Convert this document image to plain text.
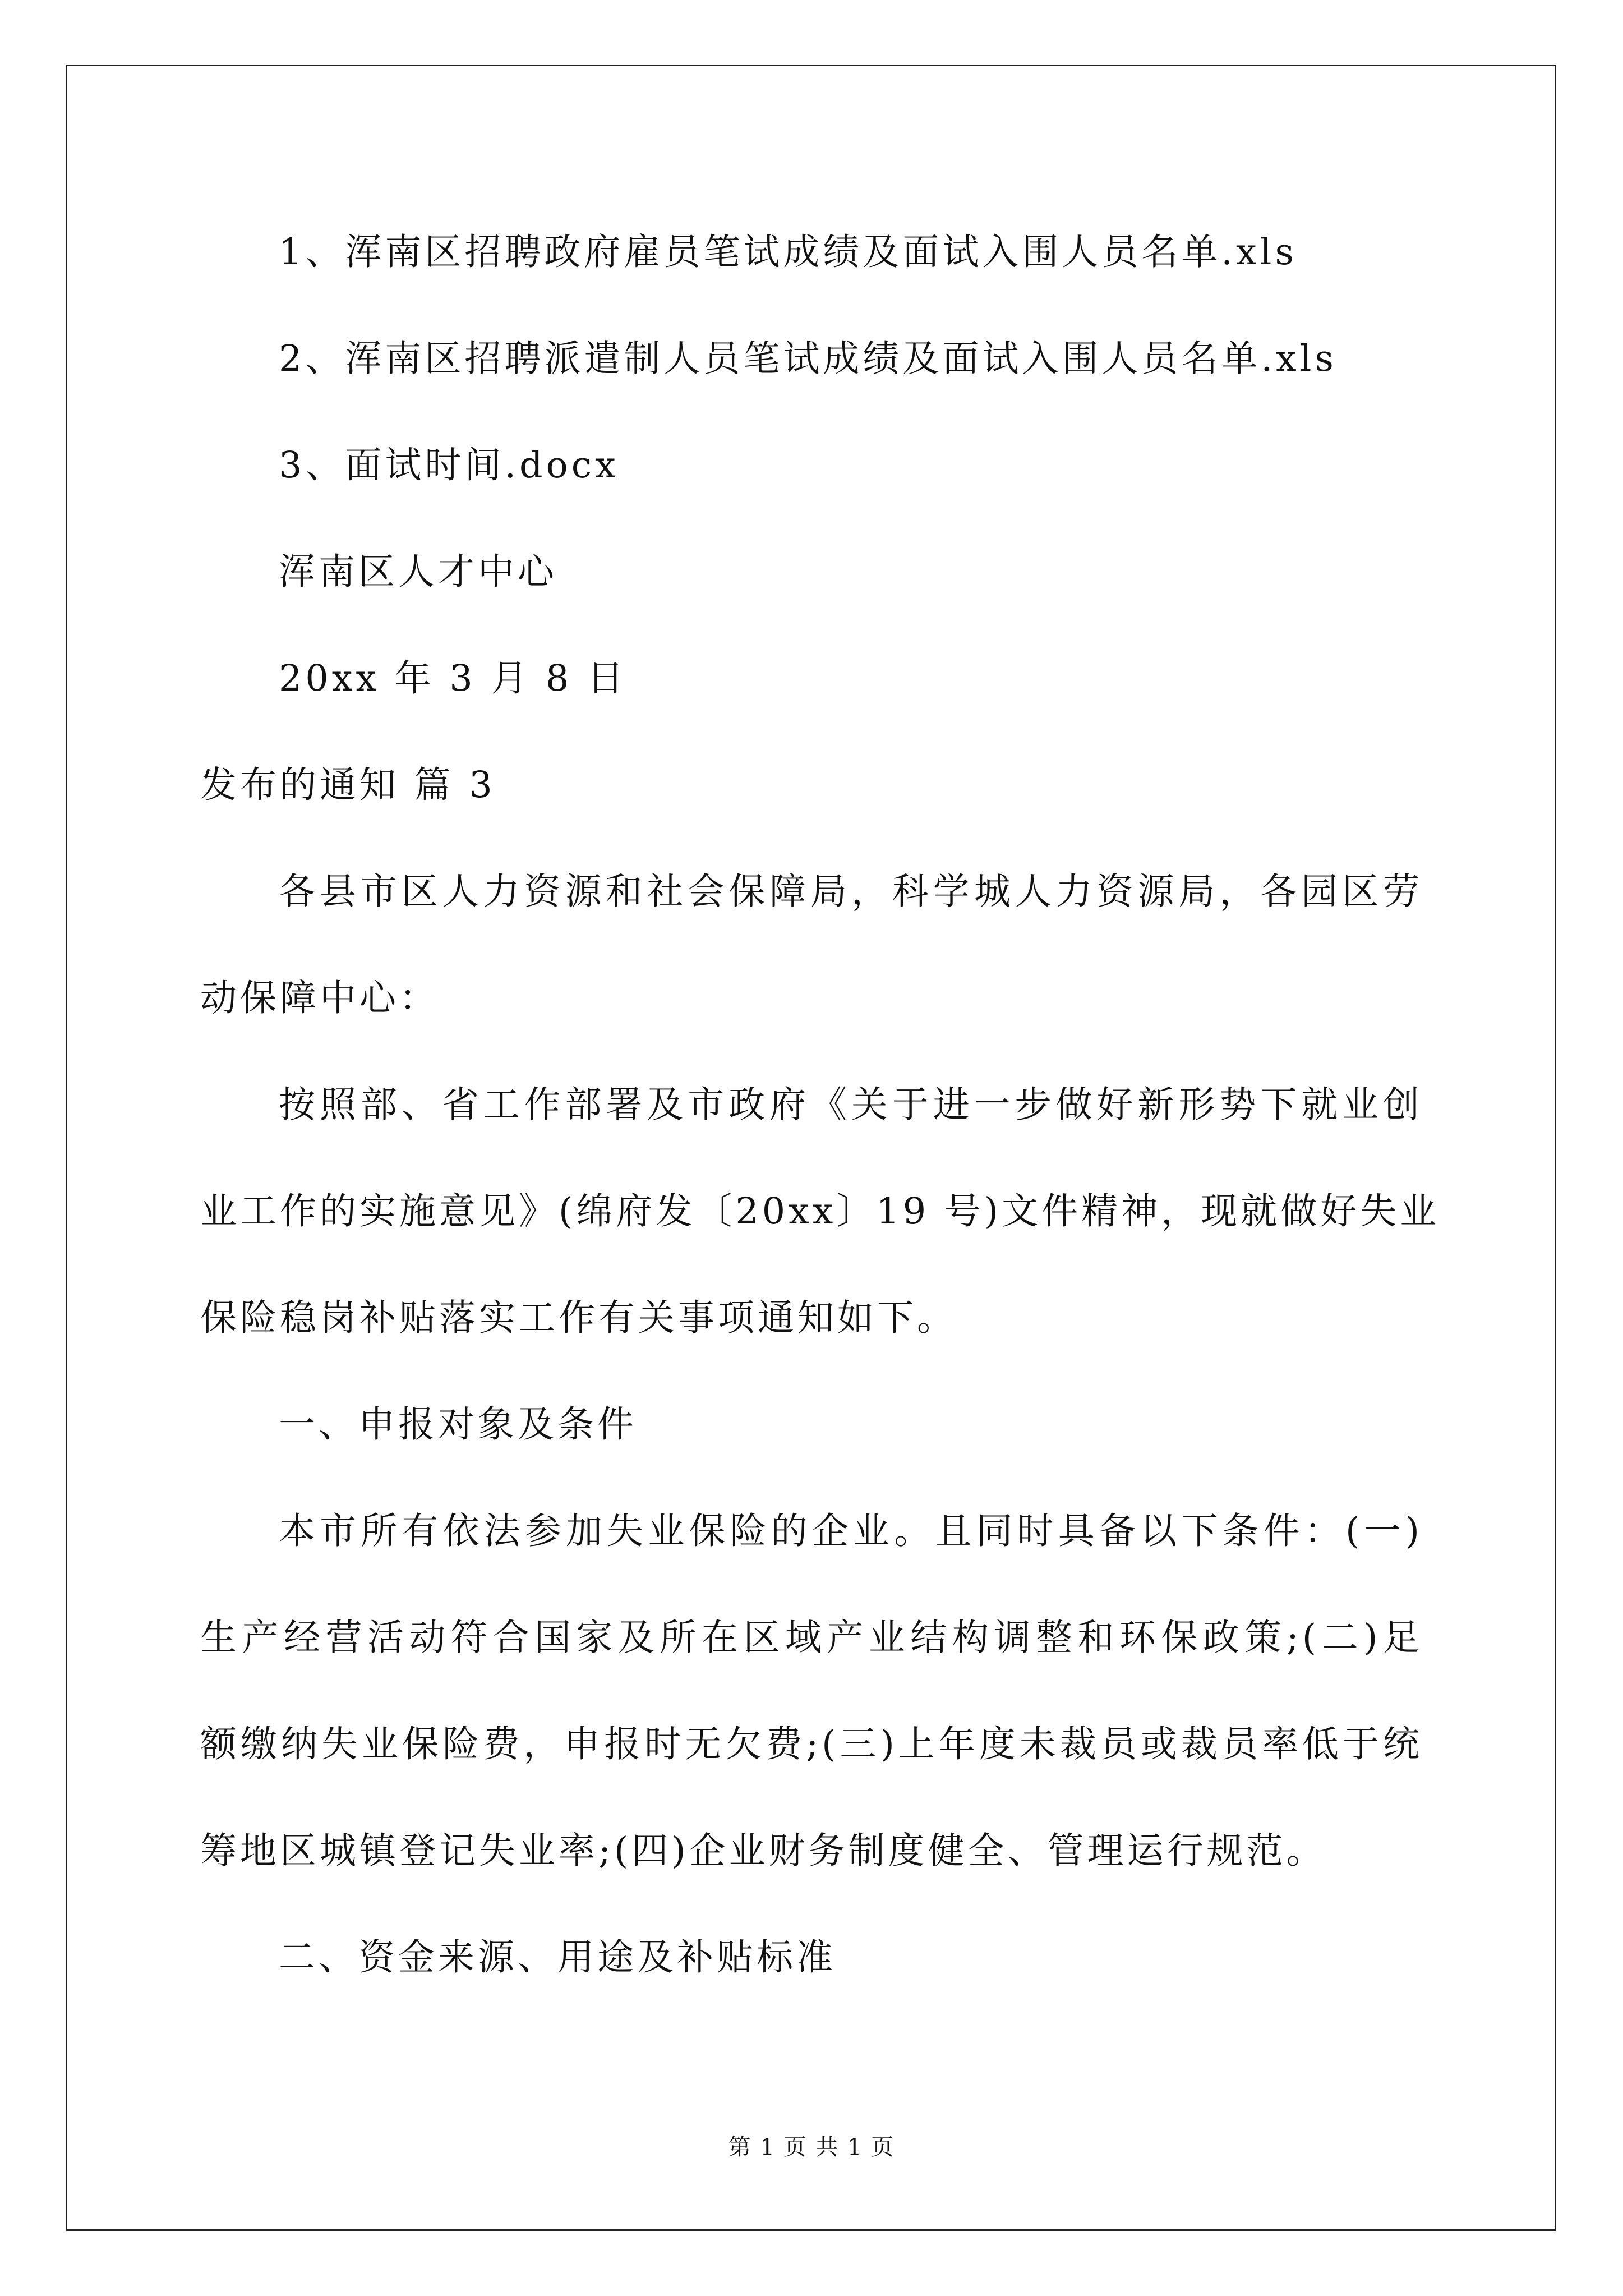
1、浑南区招聘政府雇员笔试成绩及面试入围人员名单.xls
2、浑南区招聘派遣制人员笔试成绩及面试入围人员名单.xls
3、面试时间.docx
浑南区人才中心
20xx 年 3 月 8 日
发布的通知 篇 3
各县市区人力资源和社会保障局，科学城人力资源局，各园区劳
动保障中心：
按照部、省工作部署及市政府《关于进一步做好新形势下就业创
业工作的实施意见》(绵府发〔20xx〕19 号)文件精神，现就做好失业
保险稳岗补贴落实工作有关事项通知如下。
一、申报对象及条件
本市所有依法参加失业保险的企业。且同时具备以下条件：(一)
生产经营活动符合国家及所在区域产业结构调整和环保政策;(二)足
额缴纳失业保险费，申报时无欠费;(三)上年度未裁员或裁员率低于统
筹地区城镇登记失业率;(四)企业财务制度健全、管理运行规范。
二、资金来源、用途及补贴标准
第 1 页 共 1 页
